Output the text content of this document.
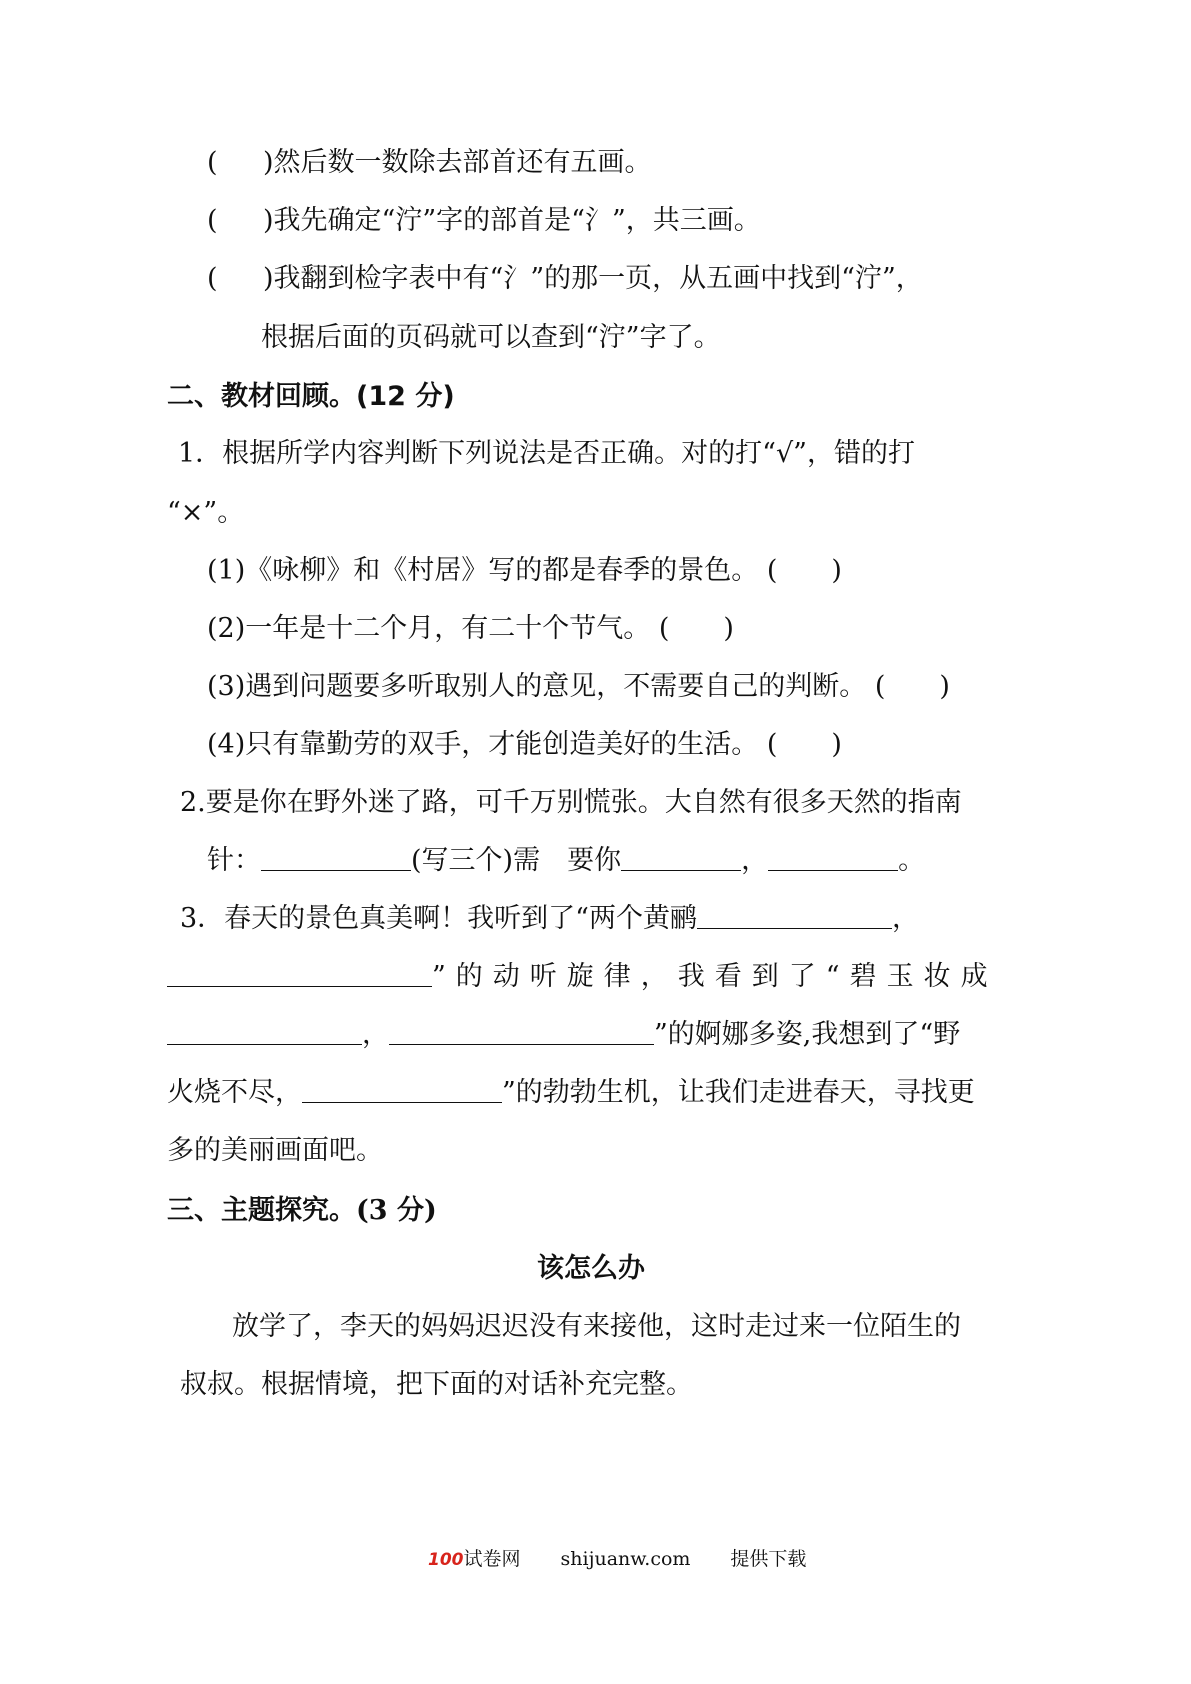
( )然后数一数除去部首还有五画。

( )我先确定“泞”字的部首是“氵”，共三画。

( )我翻到检字表中有“氵”的那一页，从五画中找到“泞”，

根据后面的页码就可以查到“泞”字了。

二、教材回顾。(12 分)

1．根据所学内容判断下列说法是否正确。对的打“√”，错的打

“×”。

(1)《咏柳》和《村居》写的都是春季的景色。 (　　)

(2)一年是十二个月，有二十个节气。 (　　)

(3)遇到问题要多听取别人的意见，不需要自己的判断。 (　　)

(4)只有靠勤劳的双手，才能创造美好的生活。 (　　)

2.要是你在野外迷了路，可千万别慌张。大自然有很多天然的指南

针：	(写三个)需　要你	，	。

3．春天的景色真美啊！我听到了“两个黄鹂	，

”的动听旋律，我看到了“碧玉妆成

，	”的婀娜多姿,我想到了“野

火烧不尽，	”的勃勃生机，让我们走进春天，寻找更

多的美丽画面吧。

三、主题探究。(3 分)

该怎么办

放学了，李天的妈妈迟迟没有来接他，这时走过来一位陌生的

叔叔。根据情境，把下面的对话补充完整。

100试卷网 shijuanw.com 提供下载
